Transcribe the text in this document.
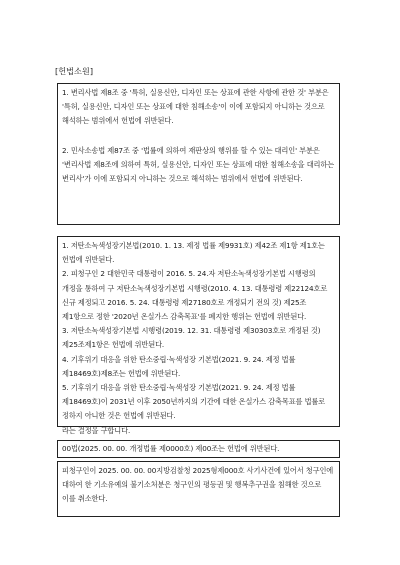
[헌법소원]

1. 변리사법 제8조 중 '특허, 실용신안, 디자인 또는 상표에 관한 사항에 관한 것' 부분은 '특허, 실용신안, 디자인 또는 상표에 대한 침해소송'이 이에 포함되지 아니하는 것으로 해석하는 범위에서 헌법에 위반된다.

2. 민사소송법 제87조 중 '법률에 의하여 재판상의 행위를 할 수 있는 대리인' 부분은 '변리사법 제8조에 의하여 특허, 실용신안, 디자인 또는 상표에 대한 침해소송을 대리하는 변리사'가 이에 포함되지 아니하는 것으로 해석하는 범위에서 헌법에 위반된다.

1. 저탄소녹색성장기본법(2010. 1. 13. 제정 법률 제9931호) 제42조 제1항 제1호는 헌법에 위반된다.

2. 피청구인 2 대한민국 대통령이 2016. 5. 24.자 저탄소녹색성장기본법 시행령의 개정을 통하여 구 저탄소녹색성장기본법 시행령(2010. 4. 13. 대통령령 제22124호로 신규 제정되고 2016. 5. 24. 대통령령 제27180호로 개정되기 전의 것) 제25조 제1항으로 정한 '2020년 온실가스 감축목표'를 폐지한 행위는 헌법에 위반된다.

3. 저탄소녹색성장기본법 시행령(2019. 12. 31. 대통령령 제30303호로 개정된 것) 제25조제1항은 헌법에 위반된다.

4. 기후위기 대응을 위한 탄소중립·녹색성장 기본법(2021. 9. 24. 제정 법률 제18469호)제8조는 헌법에 위반된다.

5. 기후위기 대응을 위한 탄소중립·녹색성장 기본법(2021. 9. 24. 제정 법률 제18469호)이 2031년 이후 2050년까지의 기간에 대한 온실가스 감축목표를 법률로 정하지 아니한 것은 헌법에 위반된다.

라는 결정을 구합니다.

00법(2025. 00. 00. 개정법률 제0000호) 제00조는 헌법에 위반된다.

피청구인이 2025. 00. 00. 00지방검찰청 2025형제000호 사기사건에 있어서 청구인에 대하여 한 기소유예의 불기소처분은 청구인의 평등권 및 행복추구권을 침해한 것으로 이를 취소한다.
